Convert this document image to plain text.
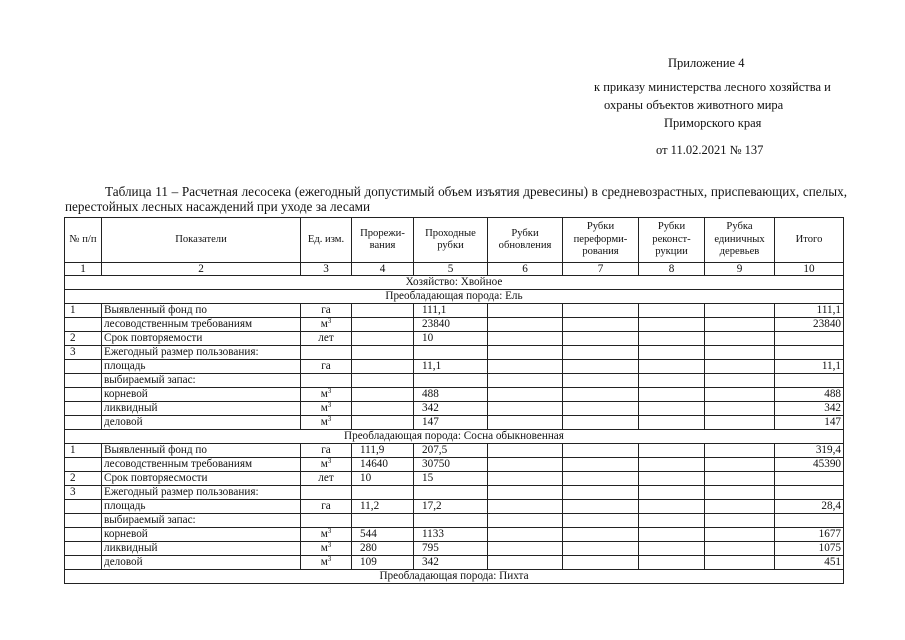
Приложение 4
к приказу министерства лесного хозяйства и
охраны объектов животного мира
Приморского края
от 11.02.2021 № 137
Таблица 11 – Расчетная лесосека (ежегодный допустимый объем изъятия древесины) в средневозрастных, приспевающих, спелых, перестойных лесных насаждений при уходе за лесами
№ п/п	Показатели	Ед. изм.	Прорежи-вания	Проходные рубки	Рубки обновления	Рубки переформи-рования	Рубки реконст-рукции	Рубка единичных деревьев	Итого
1	2	3	4	5	6	7	8	9	10
Хозяйство: Хвойное									
Преобладающая порода: Ель									
1	Выявленный фонд по	га		111,1					111,1
	лесоводственным требованиям	$м^3$		23840					23840
2	Срок повторяемости	лет		10					
3	Ежегодный размер пользования:								
	площадь	га		11,1					11,1
	выбираемый запас:								
	корневой	$м^3$		488					488
	ликвидный	$м^3$		342					342
	деловой	$м^3$		147					147
Преобладающая порода: Сосна обыкновенная									
1	Выявленный фонд по	га	111,9	207,5					319,4
	лесоводственным требованиям	$м^3$	14640	30750					45390
2	Срок повторяесмости	лет	10	15					
3	Ежегодный размер пользования:								
	площадь	га	11,2	17,2					28,4
	выбираемый запас:								
	корневой	$м^3$	544	1133					1677
	ликвидный	$м^3$	280	795					1075
	деловой	$м^3$	109	342					451
Преобладающая порода: Пихта									
